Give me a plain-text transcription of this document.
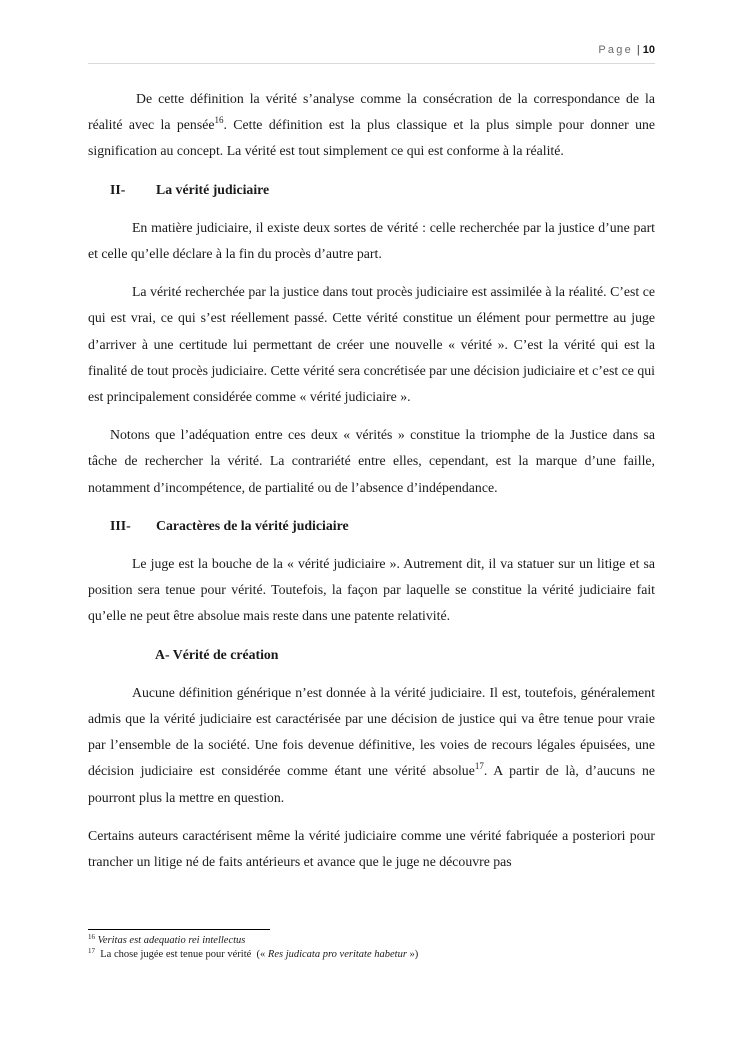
Page | 10

De cette définition la vérité s’analyse comme la consécration de la correspondance de la réalité avec la pensée$^{16}$. Cette définition est la plus classique et la plus simple pour donner une signification au concept. La vérité est tout simplement ce qui est conforme à la réalité.

II- La vérité judiciaire

En matière judiciaire, il existe deux sortes de vérité : celle recherchée par la justice d’une part et celle qu’elle déclare à la fin du procès d’autre part.

La vérité recherchée par la justice dans tout procès judiciaire est assimilée à la réalité. C’est ce qui est vrai, ce qui s’est réellement passé. Cette vérité constitue un élément pour permettre au juge d’arriver à une certitude lui permettant de créer une nouvelle « vérité ». C’est la vérité qui est la finalité de tout procès judiciaire. Cette vérité sera concrétisée par une décision judiciaire et c’est ce qui est principalement considérée comme « vérité judiciaire ».

Notons que l’adéquation entre ces deux « vérités » constitue la triomphe de la Justice dans sa tâche de rechercher la vérité. La contrariété entre elles, cependant, est la marque d’une faille, notamment d’incompétence, de partialité ou de l’absence d’indépendance.

III- Caractères de la vérité judiciaire

Le juge est la bouche de la « vérité judiciaire ». Autrement dit, il va statuer sur un litige et sa position sera tenue pour vérité. Toutefois, la façon par laquelle se constitue la vérité judiciaire fait qu’elle ne peut être absolue mais reste dans une patente relativité.

A- Vérité de création

Aucune définition générique n’est donnée à la vérité judiciaire. Il est, toutefois, généralement admis que la vérité judiciaire est caractérisée par une décision de justice qui va être tenue pour vraie par l’ensemble de la société. Une fois devenue définitive, les voies de recours légales épuisées, une décision judiciaire est considérée comme étant une vérité absolue$^{17}$. A partir de là, d’aucuns ne pourront plus la mettre en question.

Certains auteurs caractérisent même la vérité judiciaire comme une vérité fabriquée a posteriori pour trancher un litige né de faits antérieurs et avance que le juge ne découvre pas

$^{16}$ Veritas est adequatio rei intellectus
$^{17}$  La chose jugée est tenue pour vérité  (« Res judicata pro veritate habetur »)
